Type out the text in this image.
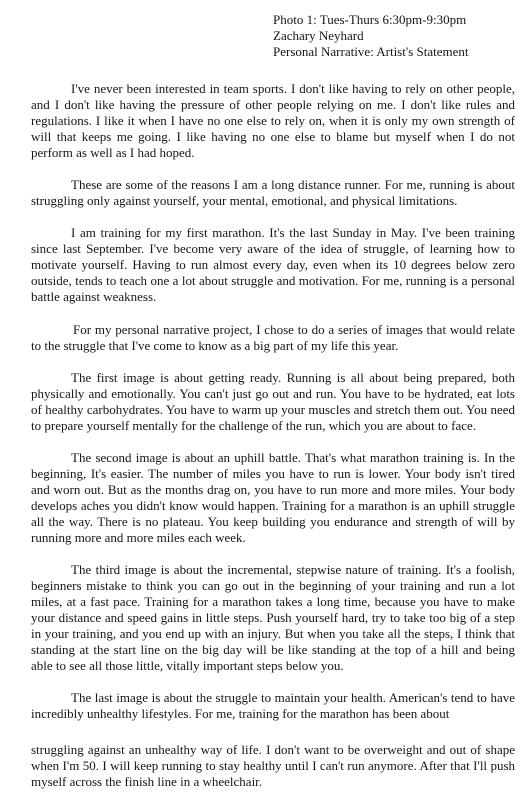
Photo 1: Tues-Thurs 6:30pm-9:30pm
Zachary Neyhard
Personal Narrative: Artist's Statement

I've never been interested in team sports. I don't like having to rely on other people, and I don't like having the pressure of other people relying on me. I don't like rules and regulations. I like it when I have no one else to rely on, when it is only my own strength of will that keeps me going. I like having no one else to blame but myself when I do not perform as well as I had hoped.

These are some of the reasons I am a long distance runner. For me, running is about struggling only against yourself, your mental, emotional, and physical limitations.

I am training for my first marathon. It's the last Sunday in May. I've been training since last September. I've become very aware of the idea of struggle, of learning how to motivate yourself. Having to run almost every day, even when its 10 degrees below zero outside, tends to teach one a lot about struggle and motivation. For me, running is a personal battle against weakness.

For my personal narrative project, I chose to do a series of images that would relate to the struggle that I've come to know as a big part of my life this year.

The first image is about getting ready. Running is all about being prepared, both physically and emotionally. You can't just go out and run. You have to be hydrated, eat lots of healthy carbohydrates. You have to warm up your muscles and stretch them out. You need to prepare yourself mentally for the challenge of the run, which you are about to face.

The second image is about an uphill battle. That's what marathon training is. In the beginning, It's easier. The number of miles you have to run is lower. Your body isn't tired and worn out. But as the months drag on, you have to run more and more miles. Your body develops aches you didn't know would happen. Training for a marathon is an uphill struggle all the way. There is no plateau. You keep building you endurance and strength of will by running more and more miles each week.

The third image is about the incremental, stepwise nature of training. It's a foolish, beginners mistake to think you can go out in the beginning of your training and run a lot miles, at a fast pace. Training for a marathon takes a long time, because you have to make your distance and speed gains in little steps. Push yourself hard, try to take too big of a step in your training, and you end up with an injury. But when you take all the steps, I think that standing at the start line on the big day will be like standing at the top of a hill and being able to see all those little, vitally important steps below you.

The last image is about the struggle to maintain your health. American's tend to have incredibly unhealthy lifestyles. For me, training for the marathon has been about

struggling against an unhealthy way of life. I don't want to be overweight and out of shape when I'm 50. I will keep running to stay healthy until I can't run anymore. After that I'll push myself across the finish line in a wheelchair.
